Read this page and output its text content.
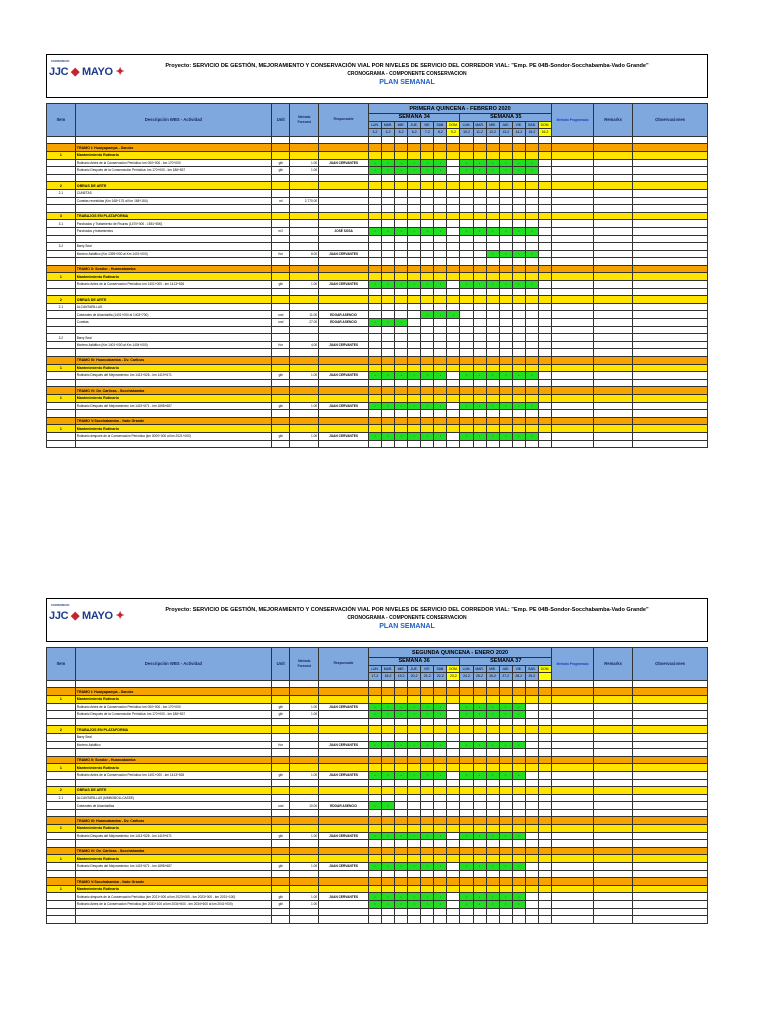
CONSORCIO
JJC ◆ MAYO ✦	Proyecto: SERVICIO DE GESTIÓN, MEJORAMIENTO Y CONSERVACIÓN VIAL POR NIVELES DE SERVICIO DEL CORREDOR VIAL: "Emp. PE 04B-Sondor-Socchabamba-Vado Grande"
CRONOGRAMA - COMPONENTE CONSERVACION
PLAN SEMANAL
Item	Descripción WBS - Actividad	Unit	Metrado Forecast	Responsable	PRIMERA QUINCENA - FEBRERO 2020														Metrado Programado	Remarks	Observaciones
					SEMANA 34							SEMANA 35									
					LUN.	MAR.	MIE.	JUE.	VIE.	SAB.	DOM.	LUN.	MAR.	MIE.	JUE.	VIE.	SAB.	DOM.			
					3-2	4-2	5-2	6-2	7-2	8-2	9-2	10-2	11-2	12-2	13-2	14-2	15-2	16-2			

	TRAMO I: Huaiyapampa - Sondor																				
1	Mantenimiento Rutinario																				
	Rutinario Antes de la Conservación Periódica: km 000+000 - km 170+000	glb	1.00	JUAN CERVANTES	▪	▪	▪	▪	▪	▪		▪	▪	▪	▪	▪	▪				
	Rutinario Después de la Conservación Periódica: km 170+000 - km 186+837	glb	1.00		▪	▪	▪	▪	▪	▪		▪	▪	▪	▪	▪	▪				

2	OBRAS DE ARTE																				
2.1	CUNETAS																				
	Cunetas revestidas (Km 168+175 al Km 168+184)	ml	2,770.00																		

3	TRABAJOS EN PLATAFORMA																				
3.1	Parchados y Tratamiento de Fisuras (1470+000 - 1551+800)																				
	Parchados y tratamientos	m2		JOSÉ SOSA	▪	▪	▪	▪	▪	▪		▪	▪	▪	▪	▪	▪				

3.2	Barry Seal																				
	Mortero Asfáltico (Km 1395+000 al Km 1401+000)	Km	8.00	JUAN CERVANTES										▪	▪	▪	▪				

	TRAMO II: Sondor - Huancabamba																				
1	Mantenimiento Rutinario																				
	Rutinario Antes de la Conservación Periódica: km 1401+000 - km 1413+526	glb	1.00	JUAN CERVANTES	▪	▪	▪	▪	▪	▪		▪	▪	▪	▪	▪	▪				

2	OBRAS DE ARTE																				
2.1	ALCANTARILLAS																				
	Cabezales de Alcantarilla (1401+000 al 1403+700)	und	11.00	EDGAR ASENCIO					▪	▪	▪										
	Cunetas	und	27.00	EDGAR ASENCIO	▪	▪	▪														

3.2	Barry Seal																				
	Mortero Asfáltico (Km 1401+000 al Km 1404+000)	Km	4.00	JUAN CERVANTES																	

	TRAMO III: Huancabamba - Dv. Carlicas																				
1	Mantenimiento Rutinario																				
	Rutinario Después del Mejoramiento: km 1413+526 - km 1419+671	glb	1.00	JUAN CERVANTES	▪	▪	▪	▪	▪	▪		▪	▪	▪	▪	▪	▪				

	TRAMO IV: Dv. Carlicas - Socchabamba																				
1	Mantenimiento Rutinario																				
	Rutinario Después del Mejoramiento: km 1419+671 - km 1698+687	glb	1.00	JUAN CERVANTES	▪	▪	▪	▪	▪	▪		▪	▪	▪	▪	▪	▪				

	TRAMO V:Socchabamba - Vado Grande																				
1	Mantenimiento Rutinario																				
	Rutinario después de la Conservación Periódica (km 0000+000 al km 2021+000)	glb	1.00	JUAN CERVANTES	▪	▪	▪	▪	▪	▪		▪	▪	▪	▪	▪	▪				

CONSORCIO
JJC ◆ MAYO ✦	Proyecto: SERVICIO DE GESTIÓN, MEJORAMIENTO Y CONSERVACIÓN VIAL POR NIVELES DE SERVICIO DEL CORREDOR VIAL: "Emp. PE 04B-Sondor-Socchabamba-Vado Grande"
CRONOGRAMA - COMPONENTE CONSERVACION
PLAN SEMANAL
Item	Descripción WBS - Actividad	Unit	Metrado Forecast	Responsable	SEGUNDA QUINCENA - ENERO 2020														Metrado Programado	Remarks	Observaciones
					SEMANA 36							SEMANA 37									
					LUN.	MAR.	MIE.	JUE.	VIE.	SAB.	DOM.	LUN.	MAR.	MIE.	JUE.	VIE.	SAB.	DOM.			
					17-2	18-2	19-2	20-2	21-2	22-2	23-2	24-2	25-2	26-2	27-2	28-2	29-2				

	TRAMO I: Huaiyapampa - Sondor																				
1	Mantenimiento Rutinario																				
	Rutinario Antes de la Conservación Periódica: km 000+000 - km 170+000	glb	1.00	JUAN CERVANTES	▪	▪	▪	▪	▪	▪		▪	▪	▪	▪	▪					
	Rutinario Después de la Conservación Periódica: km 170+000 - km 186+837	glb	1.00		▪	▪	▪	▪	▪	▪		▪	▪	▪	▪	▪					

2	TRABAJOS EN PLATAFORMA																				
	Barry Seal																				
	Mortero Asfáltico	Km		JUAN CERVANTES	▪	▪	▪	▪	▪	▪		▪	▪	▪	▪	▪					

	TRAMO II: Sondor - Huancabamba																				
1	Mantenimiento Rutinario																				
	Rutinario Antes de la Conservación Periódica: km 1401+000 - km 1413+526	glb	1.00	JUAN CERVANTES	▪	▪	▪	▪	▪	▪		▪	▪	▪	▪	▪					

2	OBRAS DE ARTE																				
2.1	ALCANTARILLAS (MMBOBOLLCASSE)																				
	Cabezales de Alcantarillas	und	10.00	EDGAR ASENCIO	▪	▪															

	TRAMO III: Huancabamba - Dv. Carlicas																				
1	Mantenimiento Rutinario																				
	Rutinario Después del Mejoramiento: km 1413+526 - km 1419+671	glb	1.00	JUAN CERVANTES	▪	▪	▪	▪	▪	▪		▪	▪	▪	▪	▪					

	TRAMO IV: Dv. Carlicas - Socchabamba																				
1	Mantenimiento Rutinario																				
	Rutinario Después del Mejoramiento: km 1419+671 - km 1698+687	glb	1.00	JUAN CERVANTES	▪	▪	▪	▪	▪	▪		▪	▪	▪	▪	▪					

	TRAMO V:Socchabamba - Vado Grande																				
1	Mantenimiento Rutinario																				
	Rutinario después de la Conservación Periódica (km 2021+000 al km 2023+000 - km 2023+000 - km 2031+100)	glb	1.00	JUAN CERVANTES	▪	▪	▪	▪	▪	▪		▪	▪	▪	▪	▪					
	Rutinario Antes de la Conservación Periódica (km 2031+100 al km 2034+600 - km 2034+600 al km 2041+000)	glb	1.00		▪	▪	▪	▪	▪	▪		▪	▪	▪	▪	▪					
